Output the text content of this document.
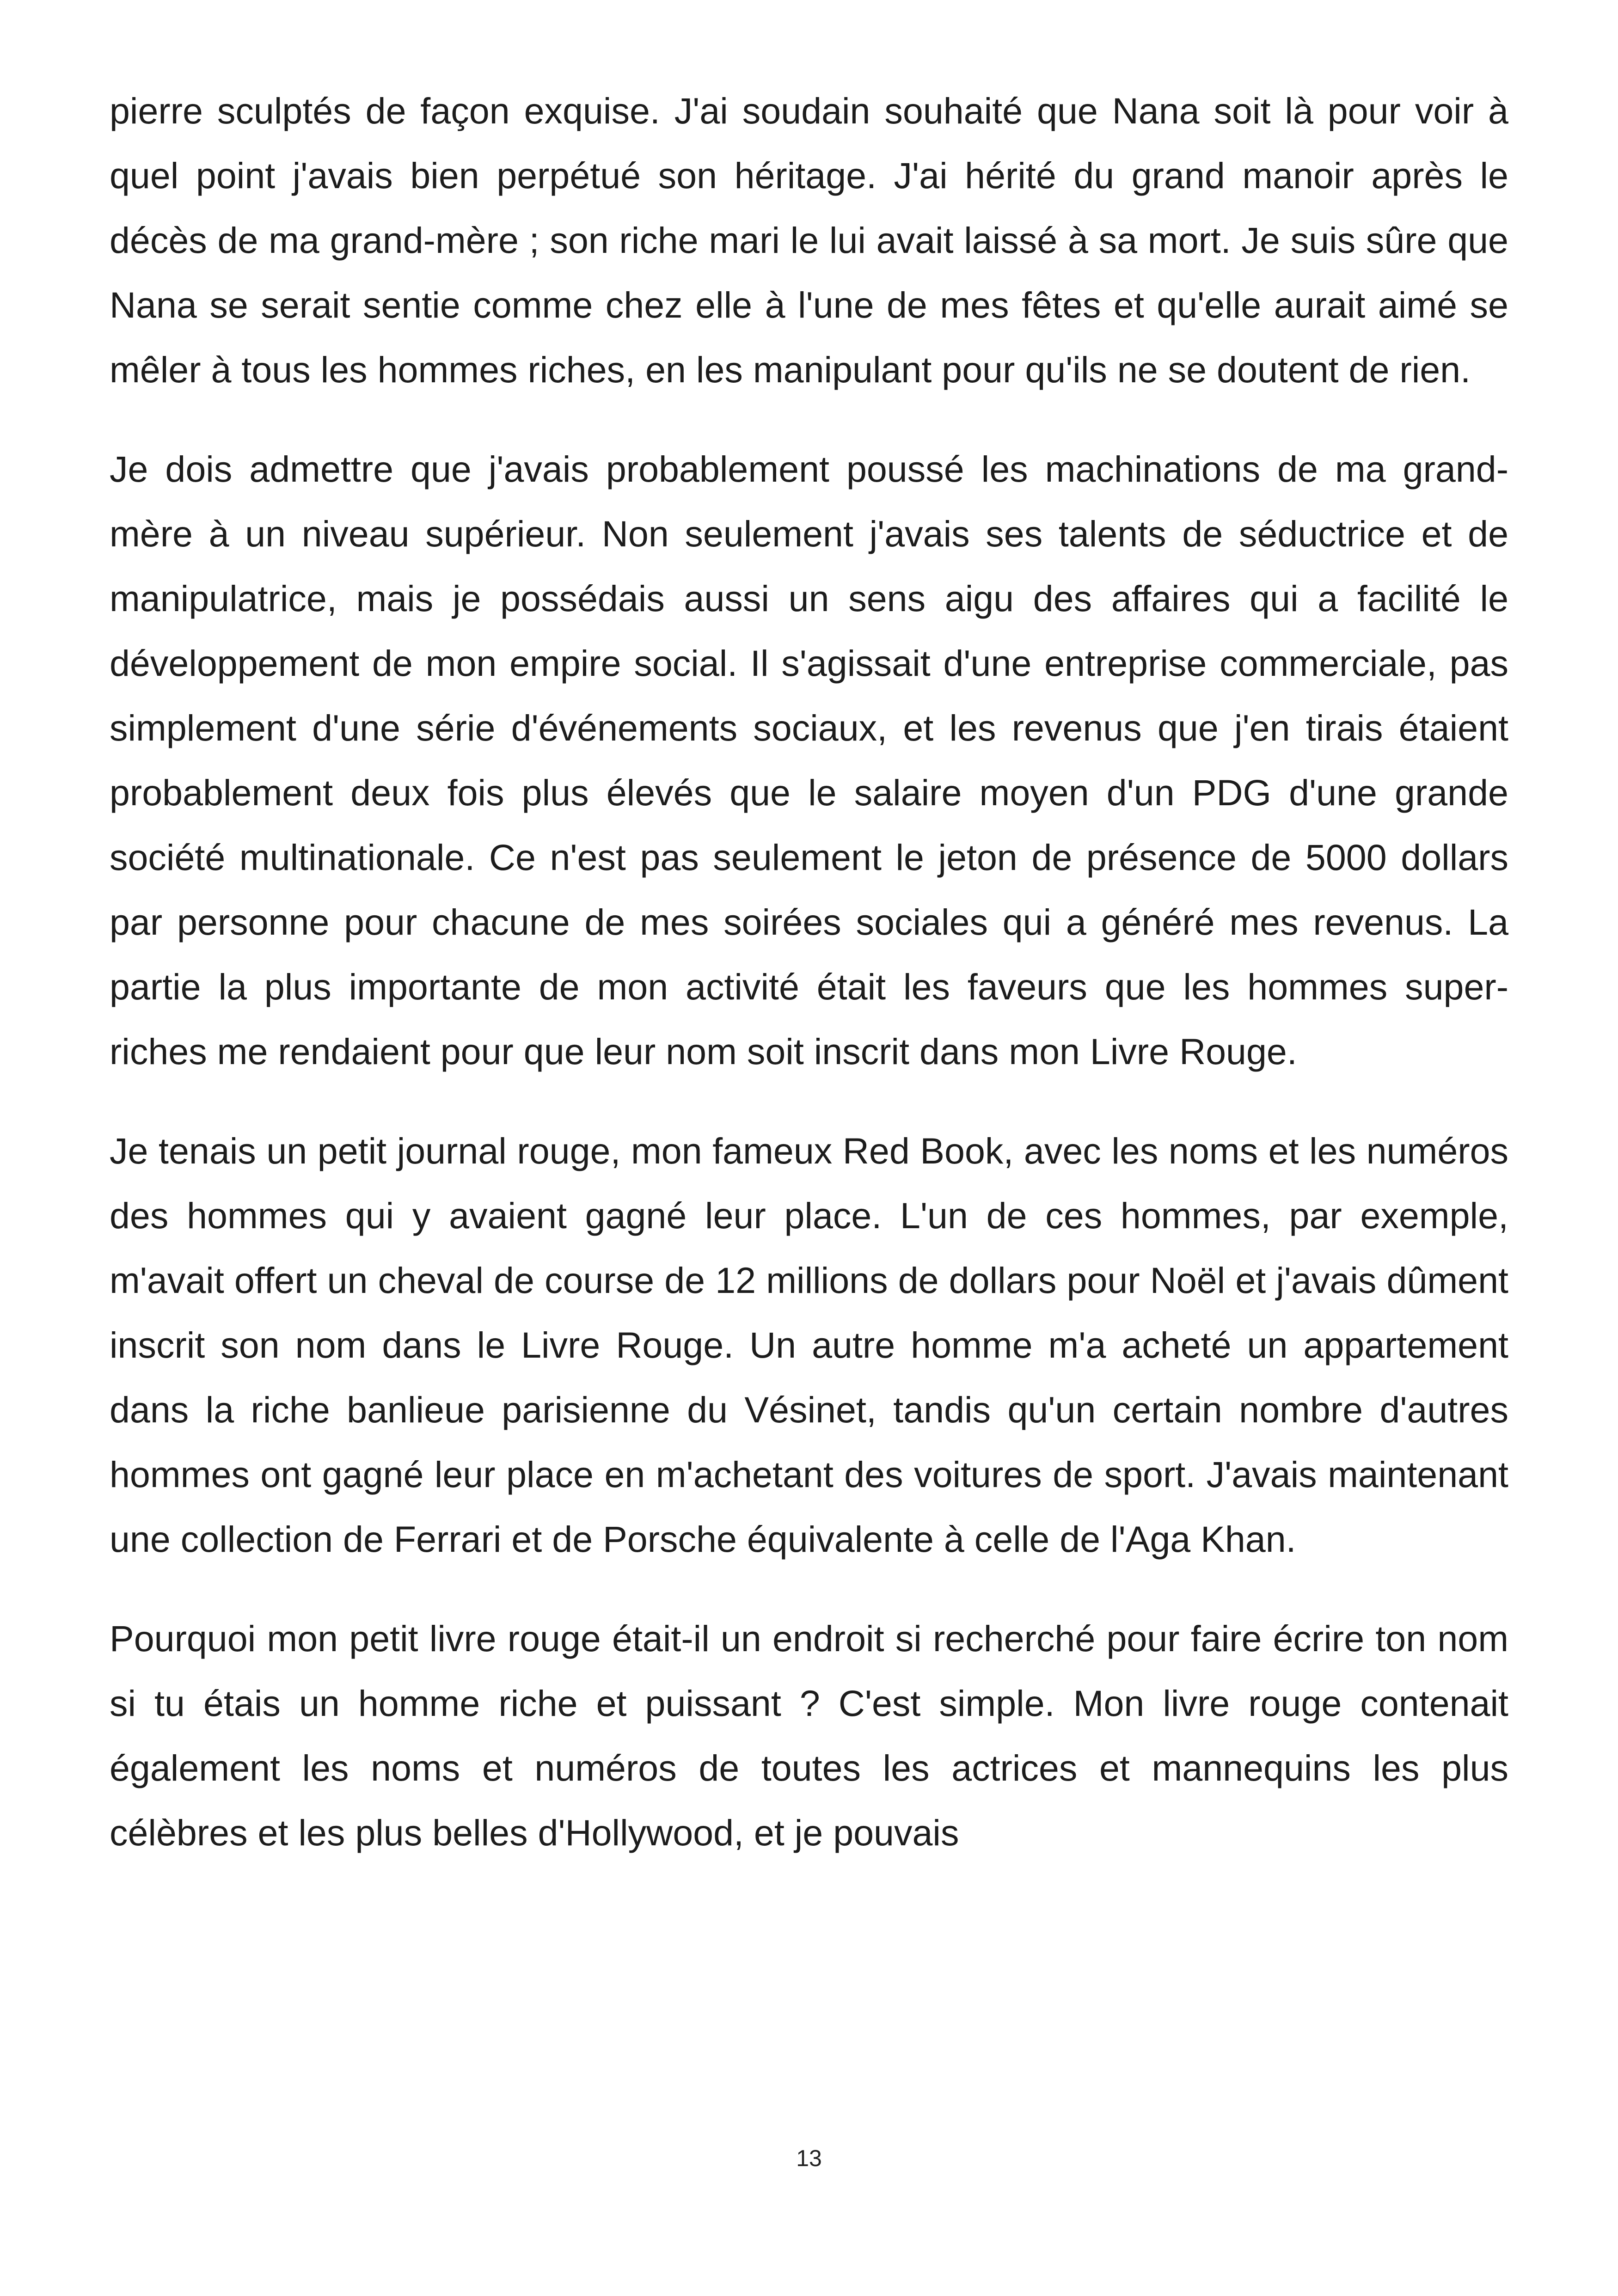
pierre sculptés de façon exquise. J'ai soudain souhaité que Nana soit là pour voir à quel point j'avais bien perpétué son héritage. J'ai hérité du grand manoir après le décès de ma grand-mère ; son riche mari le lui avait laissé à sa mort. Je suis sûre que Nana se serait sentie comme chez elle à l'une de mes fêtes et qu'elle aurait aimé se mêler à tous les hommes riches, en les manipulant pour qu'ils ne se doutent de rien.

Je dois admettre que j'avais probablement poussé les machinations de ma grand-mère à un niveau supérieur. Non seulement j'avais ses talents de séductrice et de manipulatrice, mais je possédais aussi un sens aigu des affaires qui a facilité le développement de mon empire social. Il s'agissait d'une entreprise commerciale, pas simplement d'une série d'événements sociaux, et les revenus que j'en tirais étaient probablement deux fois plus élevés que le salaire moyen d'un PDG d'une grande société multinationale. Ce n'est pas seulement le jeton de présence de 5000 dollars par personne pour chacune de mes soirées sociales qui a généré mes revenus. La partie la plus importante de mon activité était les faveurs que les hommes super-riches me rendaient pour que leur nom soit inscrit dans mon Livre Rouge.

Je tenais un petit journal rouge, mon fameux Red Book, avec les noms et les numéros des hommes qui y avaient gagné leur place. L'un de ces hommes, par exemple, m'avait offert un cheval de course de 12 millions de dollars pour Noël et j'avais dûment inscrit son nom dans le Livre Rouge. Un autre homme m'a acheté un appartement dans la riche banlieue parisienne du Vésinet, tandis qu'un certain nombre d'autres hommes ont gagné leur place en m'achetant des voitures de sport. J'avais maintenant une collection de Ferrari et de Porsche équivalente à celle de l'Aga Khan.

Pourquoi mon petit livre rouge était-il un endroit si recherché pour faire écrire ton nom si tu étais un homme riche et puissant ? C'est simple. Mon livre rouge contenait également les noms et numéros de toutes les actrices et mannequins les plus célèbres et les plus belles d'Hollywood, et je pouvais

13
